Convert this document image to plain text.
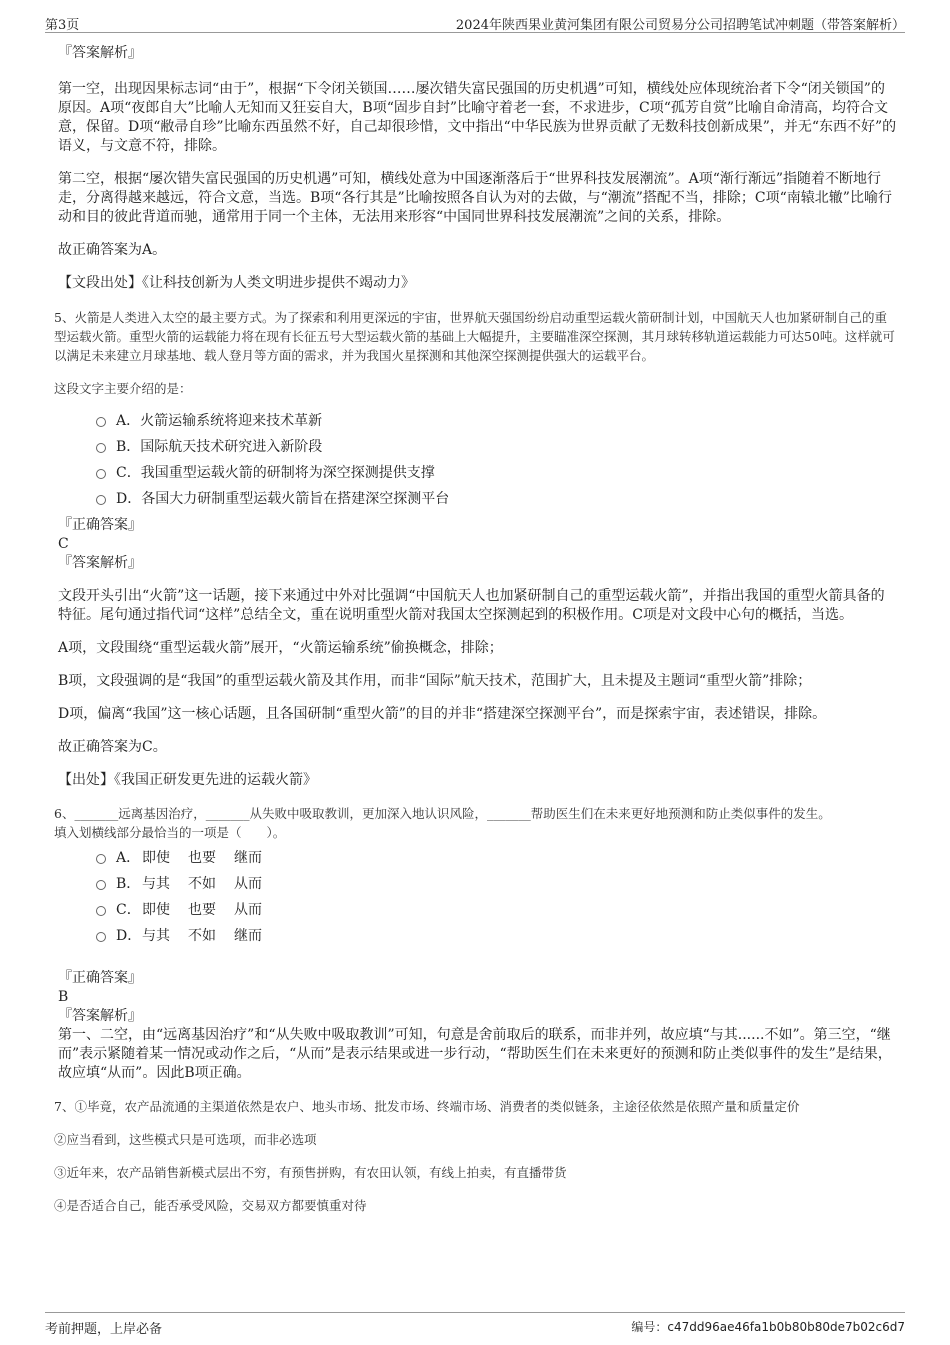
第3页	2024年陕西果业黄河集团有限公司贸易分公司招聘笔试冲刺题（带答案解析）

『答案解析』

第一空，出现因果标志词“由于”，根据“下令闭关锁国……屡次错失富民强国的历史机遇”可知，横线处应体现统治者下令“闭关锁国”的原因。A项“夜郎自大”比喻人无知而又狂妄自大，B项“固步自封”比喻守着老一套，不求进步，C项“孤芳自赏”比喻自命清高，均符合文意，保留。D项“敝帚自珍”比喻东西虽然不好，自己却很珍惜，文中指出“中华民族为世界贡献了无数科技创新成果”，并无“东西不好”的语义，与文意不符，排除。

第二空，根据“屡次错失富民强国的历史机遇”可知，横线处意为中国逐渐落后于“世界科技发展潮流”。A项“渐行渐远”指随着不断地行走，分离得越来越远，符合文意，当选。B项“各行其是”比喻按照各自认为对的去做，与“潮流”搭配不当，排除；C项“南辕北辙”比喻行动和目的彼此背道而驰，通常用于同一个主体，无法用来形容“中国同世界科技发展潮流”之间的关系，排除。

故正确答案为A。

【文段出处】《让科技创新为人类文明进步提供不竭动力》

5、火箭是人类进入太空的最主要方式。为了探索和利用更深远的宇宙，世界航天强国纷纷启动重型运载火箭研制计划，中国航天人也加紧研制自己的重型运载火箭。重型火箭的运载能力将在现有长征五号大型运载火箭的基础上大幅提升，主要瞄准深空探测，其月球转移轨道运载能力可达50吨。这样就可以满足未来建立月球基地、载人登月等方面的需求，并为我国火星探测和其他深空探测提供强大的运载平台。

这段文字主要介绍的是：

A．火箭运输系统将迎来技术革新
B．国际航天技术研究进入新阶段
C．我国重型运载火箭的研制将为深空探测提供支撑
D．各国大力研制重型运载火箭旨在搭建深空探测平台

『正确答案』

C

『答案解析』

文段开头引出“火箭”这一话题，接下来通过中外对比强调“中国航天人也加紧研制自己的重型运载火箭”，并指出我国的重型火箭具备的特征。尾句通过指代词“这样”总结全文，重在说明重型火箭对我国太空探测起到的积极作用。C项是对文段中心句的概括，当选。

A项，文段围绕“重型运载火箭”展开，“火箭运输系统”偷换概念，排除；

B项，文段强调的是“我国”的重型运载火箭及其作用，而非“国际”航天技术，范围扩大，且未提及主题词“重型火箭”排除；

D项，偏离“我国”这一核心话题，且各国研制“重型火箭”的目的并非“搭建深空探测平台”，而是探索宇宙，表述错误，排除。

故正确答案为C。

【出处】《我国正研发更先进的运载火箭》

6、_______远离基因治疗，_______从失败中吸取教训，更加深入地认识风险，_______帮助医生们在未来更好地预测和防止类似事件的发生。

填入划横线部分最恰当的一项是（　　）。

A． 即使 也要 继而
B． 与其 不如 从而
C．即使 也要 从而
D．与其 不如 继而

『正确答案』

B

『答案解析』

第一、二空，由“远离基因治疗”和“从失败中吸取教训”可知，句意是舍前取后的联系，而非并列，故应填“与其......不如”。第三空，“继而”表示紧随着某一情况或动作之后，“从而”是表示结果或进一步行动，“帮助医生们在未来更好的预测和防止类似事件的发生”是结果，故应填“从而”。因此B项正确。

7、①毕竟，农产品流通的主渠道依然是农户、地头市场、批发市场、终端市场、消费者的类似链条，主途径依然是依照产量和质量定价

②应当看到，这些模式只是可选项，而非必选项

③近年来，农产品销售新模式层出不穷，有预售拼购，有农田认领，有线上拍卖，有直播带货

④是否适合自己，能否承受风险，交易双方都要慎重对待

考前押题，上岸必备	编号：c47dd96ae46fa1b0b80b80de7b02c6d7
